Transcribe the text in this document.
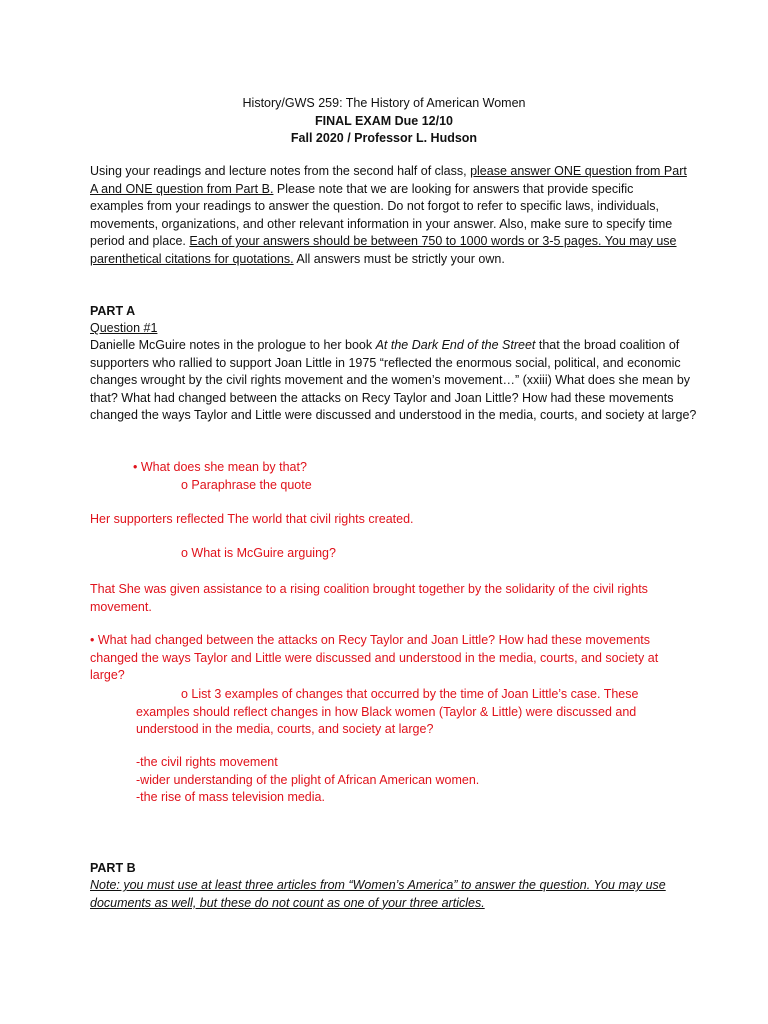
History/GWS 259: The History of American Women
FINAL EXAM Due 12/10
Fall 2020 / Professor L. Hudson
Using your readings and lecture notes from the second half of class, please answer ONE question from Part A and ONE question from Part B. Please note that we are looking for answers that provide specific examples from your readings to answer the question. Do not forgot to refer to specific laws, individuals, movements, organizations, and other relevant information in your answer. Also, make sure to specify time period and place. Each of your answers should be between 750 to 1000 words or 3-5 pages. You may use parenthetical citations for quotations. All answers must be strictly your own.
PART A
Question #1
Danielle McGuire notes in the prologue to her book At the Dark End of the Street that the broad coalition of supporters who rallied to support Joan Little in 1975 “reflected the enormous social, political, and economic changes wrought by the civil rights movement and the women’s movement…” (xxiii) What does she mean by that? What had changed between the attacks on Recy Taylor and Joan Little? How had these movements changed the ways Taylor and Little were discussed and understood in the media, courts, and society at large?
• What does she mean by that?
o Paraphrase the quote
Her supporters reflected The world that civil rights created.
o What is McGuire arguing?
That She was given assistance to a rising coalition brought together by the solidarity of the civil rights movement.
• What had changed between the attacks on Recy Taylor and Joan Little? How had these movements changed the ways Taylor and Little were discussed and understood in the media, courts, and society at large?
o List 3 examples of changes that occurred by the time of Joan Little’s case. These examples should reflect changes in how Black women (Taylor & Little) were discussed and understood in the media, courts, and society at large?
-the civil rights movement
-wider understanding of the plight of African American women.
-the rise of mass television media.
PART B
Note: you must use at least three articles from “Women’s America” to answer the question. You may use documents as well, but these do not count as one of your three articles.
